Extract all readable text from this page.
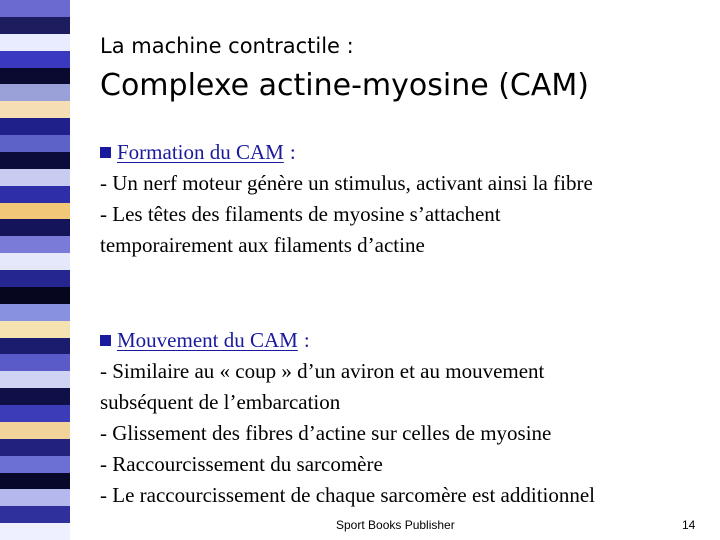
La machine contractile :
Complexe actine-myosine (CAM)
Formation du CAM :

- Un nerf moteur génère un stimulus, activant ainsi la fibre

- Les têtes des filaments de myosine s’attachent

temporairement aux filaments d’actine

Mouvement du CAM :

- Similaire au « coup » d’un aviron et au mouvement

subséquent de l’embarcation

- Glissement des fibres d’actine sur celles de myosine

- Raccourcissement du sarcomère

- Le raccourcissement de chaque sarcomère est additionnel

Sport Books Publisher	14
